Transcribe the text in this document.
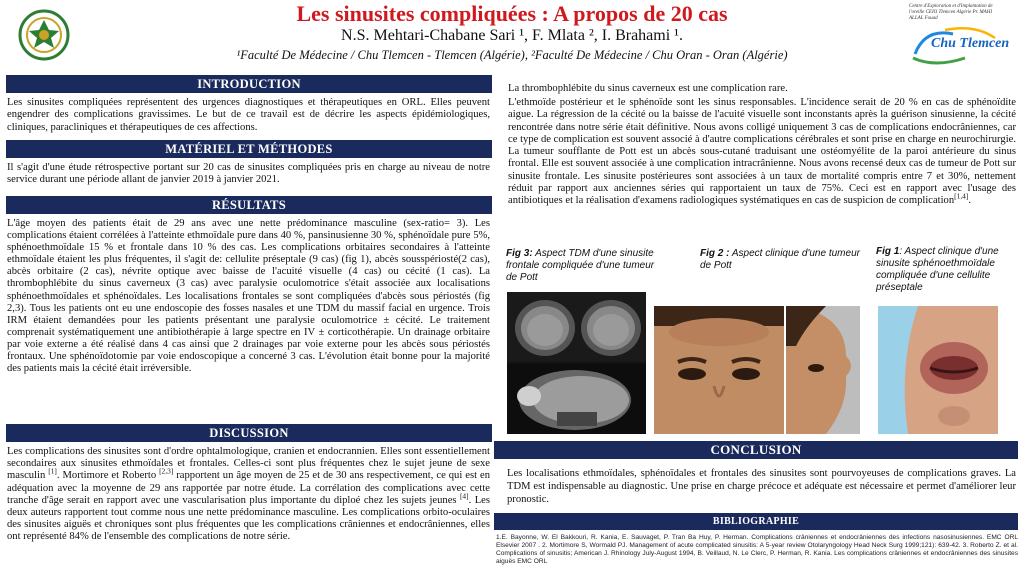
Les sinusites compliquées : A propos de 20 cas
N.S. Mehtari-Chabane Sari ¹, F. Mlata ², I. Brahami ¹.
¹Faculté De Médecine / Chu Tlemcen - Tlemcen (Algérie), ²Faculté De Médecine / Chu Oran - Oran (Algérie)
Centre d'Exploration et d'Implantation de l'oreille CEIO Tlemcen Algérie Pr. MAHI ALLAL Fouad
Chu Tlemcen
INTRODUCTION
Les sinusites compliquées représentent des urgences diagnostiques et thérapeutiques en ORL. Elles peuvent engendrer des complications gravissimes. Le but de ce travail est de décrire les aspects épidémiologiques, cliniques, paracliniques et thérapeutiques de ces affections.
MATÉRIEL ET MÉTHODES
Il s'agit d'une étude rétrospective portant sur 20 cas de sinusites compliquées pris en charge au niveau de notre service durant une période allant de janvier 2019 à janvier 2021.
RÉSULTATS
L'âge moyen des patients était de 29 ans avec une nette prédominance masculine (sex-ratio= 3). Les complications étaient corrélées à l'atteinte ethmoïdale pure dans 40 %, pansinusienne 30 %, sphénoïdale pure 5%, sphénoethmoïdale 15 % et frontale dans 10 % des cas. Les complications orbitaires secondaires à l'atteinte ethmoïdale étaient les plus fréquentes, il s'agit de: cellulite préseptale (9 cas) (fig 1), abcès sousspériosté(2 cas), abcès orbitaire (2 cas), névrite optique avec baisse de l'acuité visuelle (4 cas) ou cécité (1 cas). La thrombophlébite du sinus caverneux (3 cas) avec paralysie oculomotrice s'était associée aux localisations sphénoethmoïdales et sphénoïdales. Les localisations frontales se sont compliquées d'abcès sous périostés (fig 2,3). Tous les patients ont eu une endoscopie des fosses nasales et une TDM du massif facial en urgence. Trois IRM étaient demandées pour les patients présentant une paralysie oculomotrice ± cécité. Le traitement comprenait systématiquement une antibiothérapie à large spectre en IV ± corticothérapie. Un drainage orbitaire par voie externe a été réalisé dans 4 cas ainsi que 2 drainages par voie externe pour les abcès sous périostés frontaux. Une sphénoïdotomie par voie endoscopique a concerné 3 cas. L'évolution était bonne pour la majorité des patients mais la cécité était irréversible.
DISCUSSION
Les complications des sinusites sont d'ordre ophtalmologique, cranien et endocrannien. Elles sont essentiellement secondaires aux sinusites ethmoïdales et frontales. Celles-ci sont plus fréquentes chez le sujet jeune de sexe masculin [1]. Mortimore et Roberto [2,3] rapportent un âge moyen de 25 et de 30 ans respectivement, ce qui est en adéquation avec la moyenne de 29 ans rapportée par notre étude. La corrélation des complications avec cette tranche d'âge serait en rapport avec une vascularisation plus importante du diploé chez les sujets jeunes [4]. Les deux auteurs rapportent tout comme nous une nette prédominance masculine. Les complications orbito-oculaires des sinusites aiguës et chroniques sont plus fréquentes que les complications crâniennes et endocrâniennes, elles ont représenté 84% de l'ensemble des complications de notre série.
La thrombophlébite du sinus caverneux est une complication rare.
L'ethmoïde postérieur et le sphénoïde sont les sinus responsables. L'incidence serait de 20 % en cas de sphénoïdite aigue. La régression de la cécité ou la baisse de l'acuité visuelle sont inconstants après la guérison sinusienne, la cécité rencontrée dans notre série était définitive. Nous avons colligé uniquement 3 cas de complications endocrâniennes, car ce type de complication est souvent associé à d'autre complications cérébrales et sont prise en charge en neurochirurgie. La tumeur soufflante de Pott est un abcès sous-cutané traduisant une ostéomyélite de la paroi antérieure du sinus frontal. Elle est souvent associée à une complication intracrânienne. Nous avons recensé deux cas de tumeur de Pott sur sinusite frontale. Les sinusite postérieures sont associées à un taux de mortalité compris entre 7 et 30%, nettement réduit par rapport aux anciennes séries qui rapportaient un taux de 75%. Ceci est en rapport avec l'usage des antibiotiques et la réalisation d'examens radiologiques systématiques en cas de suspicion de complication[1,4].
Fig 3: Aspect TDM d'une sinusite frontale compliquée d'une tumeur de Pott
Fig 2 : Aspect clinique d'une tumeur de Pott
Fig 1: Aspect clinique d'une sinusite sphénoethmoïdale compliquée d'une cellulite préseptale
CONCLUSION
Les localisations ethmoïdales, sphénoïdales et frontales des sinusites sont pourvoyeuses de complications graves. La TDM est indispensable au diagnostic. Une prise en charge précoce et adéquate est nécessaire et permet d'améliorer leur pronostic.
BIBLIOGRAPHIE
1.E. Bayonne, W. El Bakkouri, R. Kania, E. Sauvaget, P. Tran Ba Huy, P. Herman. Complications crâniennes et endocrâniennes des infections nasosinusiennes. EMC ORL Elsevier 2007 . 2. Mortimore S, Wormald PJ. Management of acute complicated sinusitis: A 5-year review Otolaryngology Head Neck Surg 1999;121): 639-42. 3. Roberto Z. et al. Complications of sinusitis; American J. Rhinology July-August 1994, B. Veillaud, N. Le Clerc, P. Herman, R. Kania. Les complications crâniennes et endocrâniennes des sinusites aiguës EMC ORL
